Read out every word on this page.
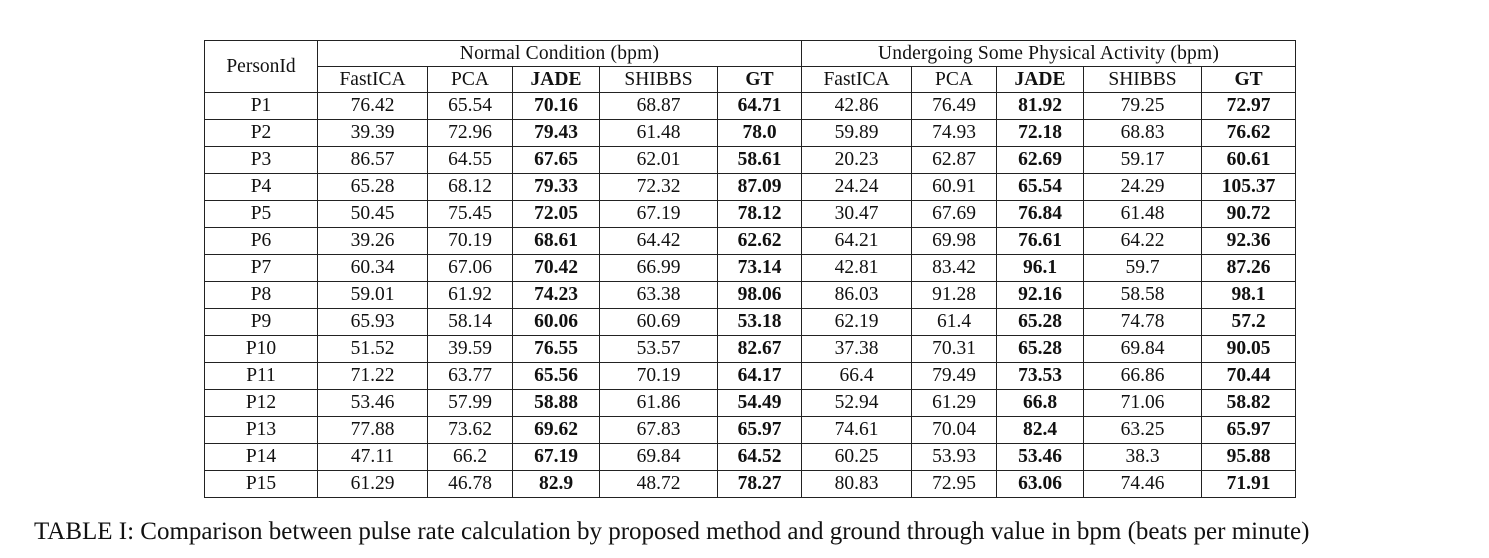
PersonId	Normal Condition (bpm)					Undergoing Some Physical Activity (bpm)				
	FastICA	PCA	JADE	SHIBBS	GT	FastICA	PCA	JADE	SHIBBS	GT
P1	76.42	65.54	70.16	68.87	64.71	42.86	76.49	81.92	79.25	72.97
P2	39.39	72.96	79.43	61.48	78.0	59.89	74.93	72.18	68.83	76.62
P3	86.57	64.55	67.65	62.01	58.61	20.23	62.87	62.69	59.17	60.61
P4	65.28	68.12	79.33	72.32	87.09	24.24	60.91	65.54	24.29	105.37
P5	50.45	75.45	72.05	67.19	78.12	30.47	67.69	76.84	61.48	90.72
P6	39.26	70.19	68.61	64.42	62.62	64.21	69.98	76.61	64.22	92.36
P7	60.34	67.06	70.42	66.99	73.14	42.81	83.42	96.1	59.7	87.26
P8	59.01	61.92	74.23	63.38	98.06	86.03	91.28	92.16	58.58	98.1
P9	65.93	58.14	60.06	60.69	53.18	62.19	61.4	65.28	74.78	57.2
P10	51.52	39.59	76.55	53.57	82.67	37.38	70.31	65.28	69.84	90.05
P11	71.22	63.77	65.56	70.19	64.17	66.4	79.49	73.53	66.86	70.44
P12	53.46	57.99	58.88	61.86	54.49	52.94	61.29	66.8	71.06	58.82
P13	77.88	73.62	69.62	67.83	65.97	74.61	70.04	82.4	63.25	65.97
P14	47.11	66.2	67.19	69.84	64.52	60.25	53.93	53.46	38.3	95.88
P15	61.29	46.78	82.9	48.72	78.27	80.83	72.95	63.06	74.46	71.91
TABLE I: Comparison between pulse rate calculation by proposed method and ground through value in bpm (beats per minute)
